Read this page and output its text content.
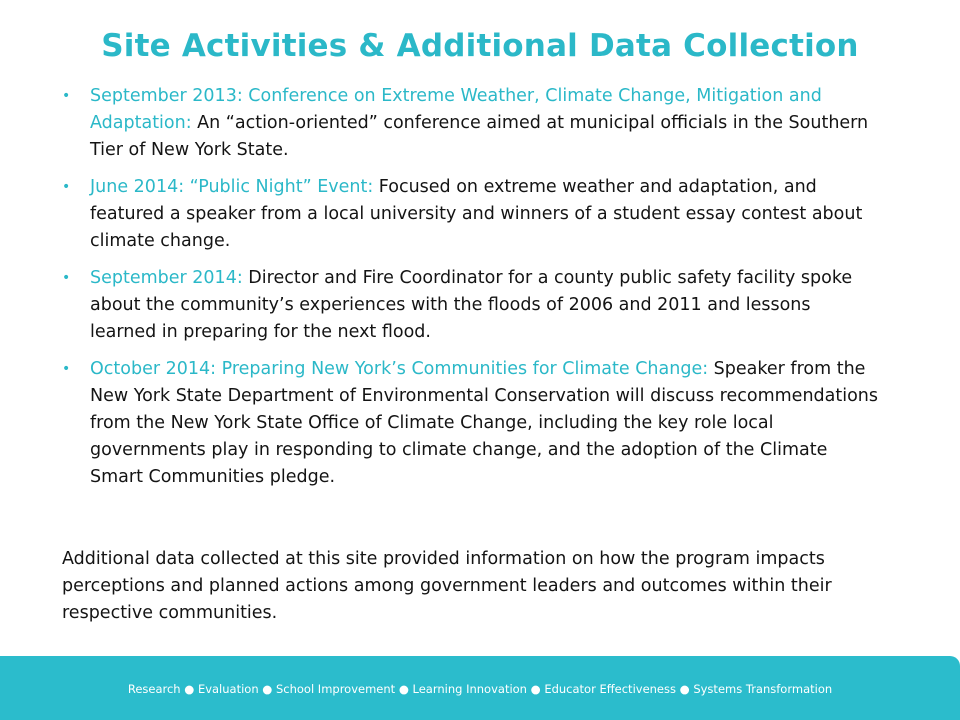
Site Activities & Additional Data Collection
• September 2013: Conference on Extreme Weather, Climate Change, Mitigation and Adaptation: An “action-oriented” conference aimed at municipal officials in the Southern Tier of New York State.
• June 2014: “Public Night” Event: Focused on extreme weather and adaptation, and featured a speaker from a local university and winners of a student essay contest about climate change.
• September 2014: Director and Fire Coordinator for a county public safety facility spoke about the community’s experiences with the floods of 2006 and 2011 and lessons learned in preparing for the next flood.
• October 2014: Preparing New York’s Communities for Climate Change: Speaker from the New York State Department of Environmental Conservation will discuss recommendations from the New York State Office of Climate Change, including the key role local governments play in responding to climate change, and the adoption of the Climate Smart Communities pledge.

Additional data collected at this site provided information on how the program impacts perceptions and planned actions among government leaders and outcomes within their respective communities.

Research ● Evaluation ● School Improvement ● Learning Innovation ● Educator Effectiveness ● Systems Transformation
